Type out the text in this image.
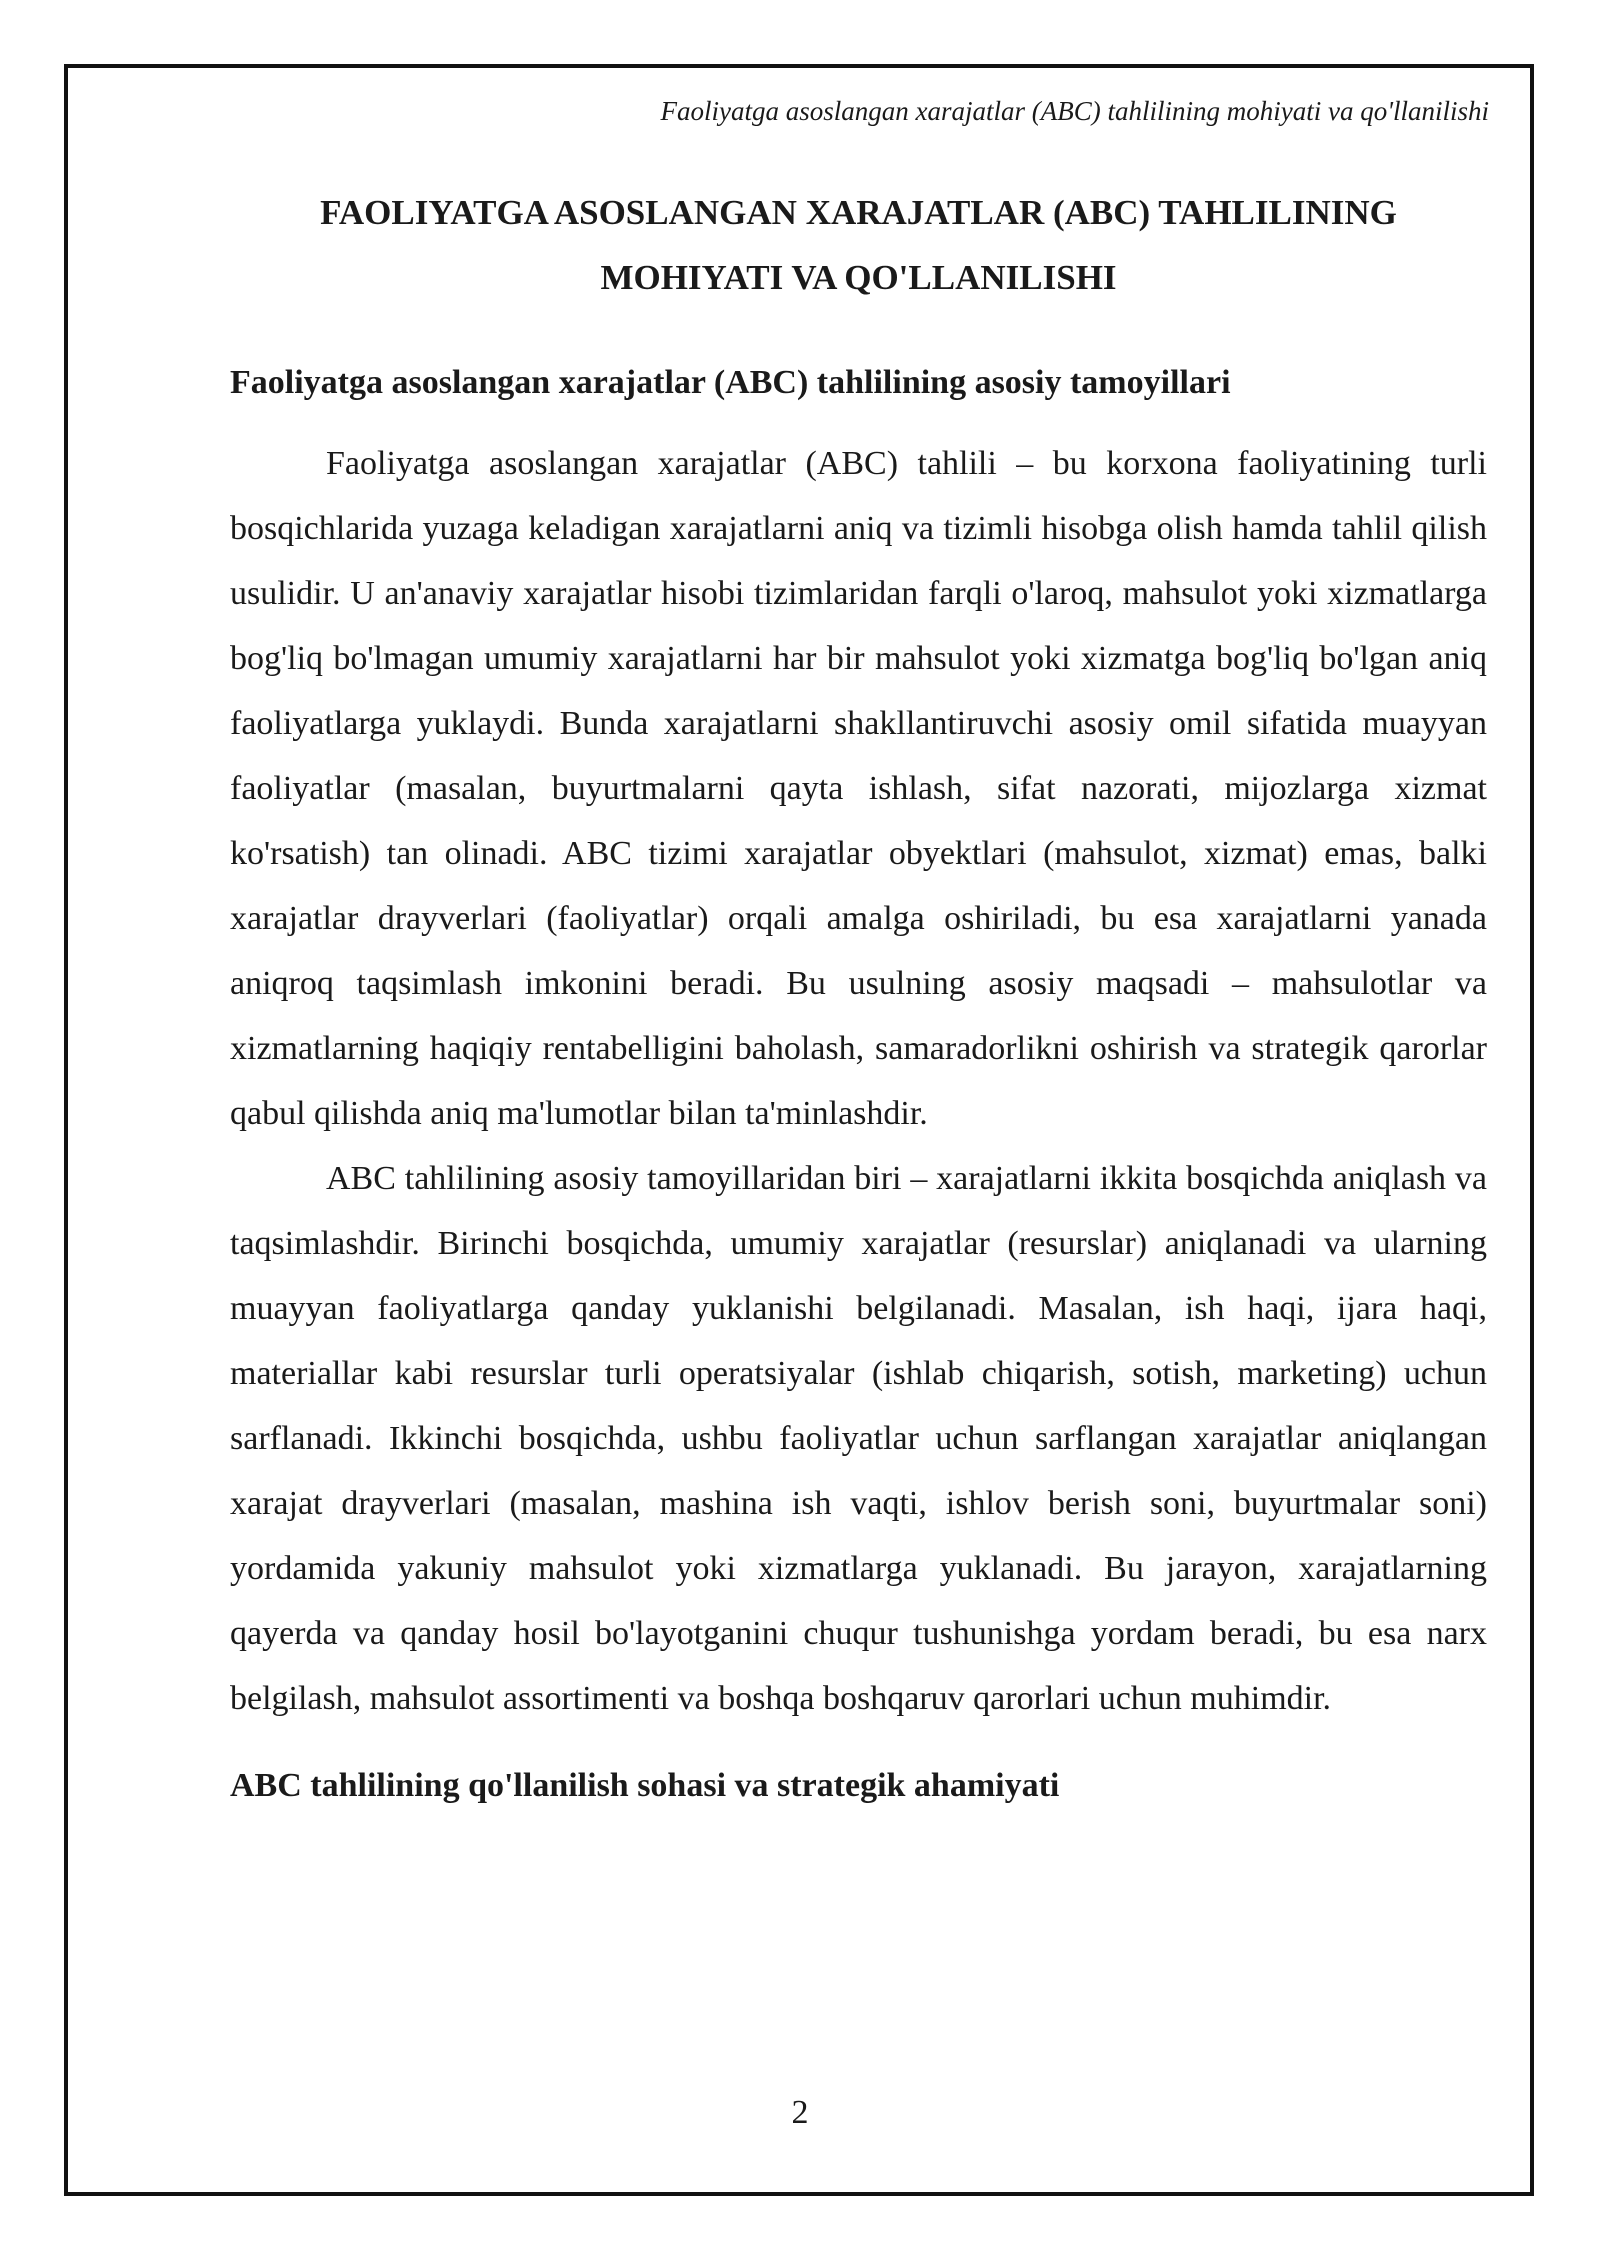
Faoliyatga asoslangan xarajatlar (ABC) tahlilining mohiyati va qo'llanilishi
FAOLIYATGA ASOSLANGAN XARAJATLAR (ABC) TAHLILINING
MOHIYATI VA QO'LLANILISHI
Faoliyatga asoslangan xarajatlar (ABC) tahlilining asosiy tamoyillari

Faoliyatga asoslangan xarajatlar (ABC) tahlili – bu korxona faoliyatining turli bosqichlarida yuzaga keladigan xarajatlarni aniq va tizimli hisobga olish hamda tahlil qilish usulidir. U an'anaviy xarajatlar hisobi tizimlaridan farqli o'laroq, mahsulot yoki xizmatlarga bog'liq bo'lmagan umumiy xarajatlarni har bir mahsulot yoki xizmatga bog'liq bo'lgan aniq faoliyatlarga yuklaydi. Bunda xarajatlarni shakllantiruvchi asosiy omil sifatida muayyan faoliyatlar (masalan, buyurtmalarni qayta ishlash, sifat nazorati, mijozlarga xizmat ko'rsatish) tan olinadi. ABC tizimi xarajatlar obyektlari (mahsulot, xizmat) emas, balki xarajatlar drayverlari (faoliyatlar) orqali amalga oshiriladi, bu esa xarajatlarni yanada aniqroq taqsimlash imkonini beradi. Bu usulning asosiy maqsadi – mahsulotlar va xizmatlarning haqiqiy rentabelligini baholash, samaradorlikni oshirish va strategik qarorlar qabul qilishda aniq ma'lumotlar bilan ta'minlashdir.

ABC tahlilining asosiy tamoyillaridan biri – xarajatlarni ikkita bosqichda aniqlash va taqsimlashdir. Birinchi bosqichda, umumiy xarajatlar (resurslar) aniqlanadi va ularning muayyan faoliyatlarga qanday yuklanishi belgilanadi. Masalan, ish haqi, ijara haqi, materiallar kabi resurslar turli operatsiyalar (ishlab chiqarish, sotish, marketing) uchun sarflanadi. Ikkinchi bosqichda, ushbu faoliyatlar uchun sarflangan xarajatlar aniqlangan xarajat drayverlari (masalan, mashina ish vaqti, ishlov berish soni, buyurtmalar soni) yordamida yakuniy mahsulot yoki xizmatlarga yuklanadi. Bu jarayon, xarajatlarning qayerda va qanday hosil bo'layotganini chuqur tushunishga yordam beradi, bu esa narx belgilash, mahsulot assortimenti va boshqa boshqaruv qarorlari uchun muhimdir.

ABC tahlilining qo'llanilish sohasi va strategik ahamiyati
2
